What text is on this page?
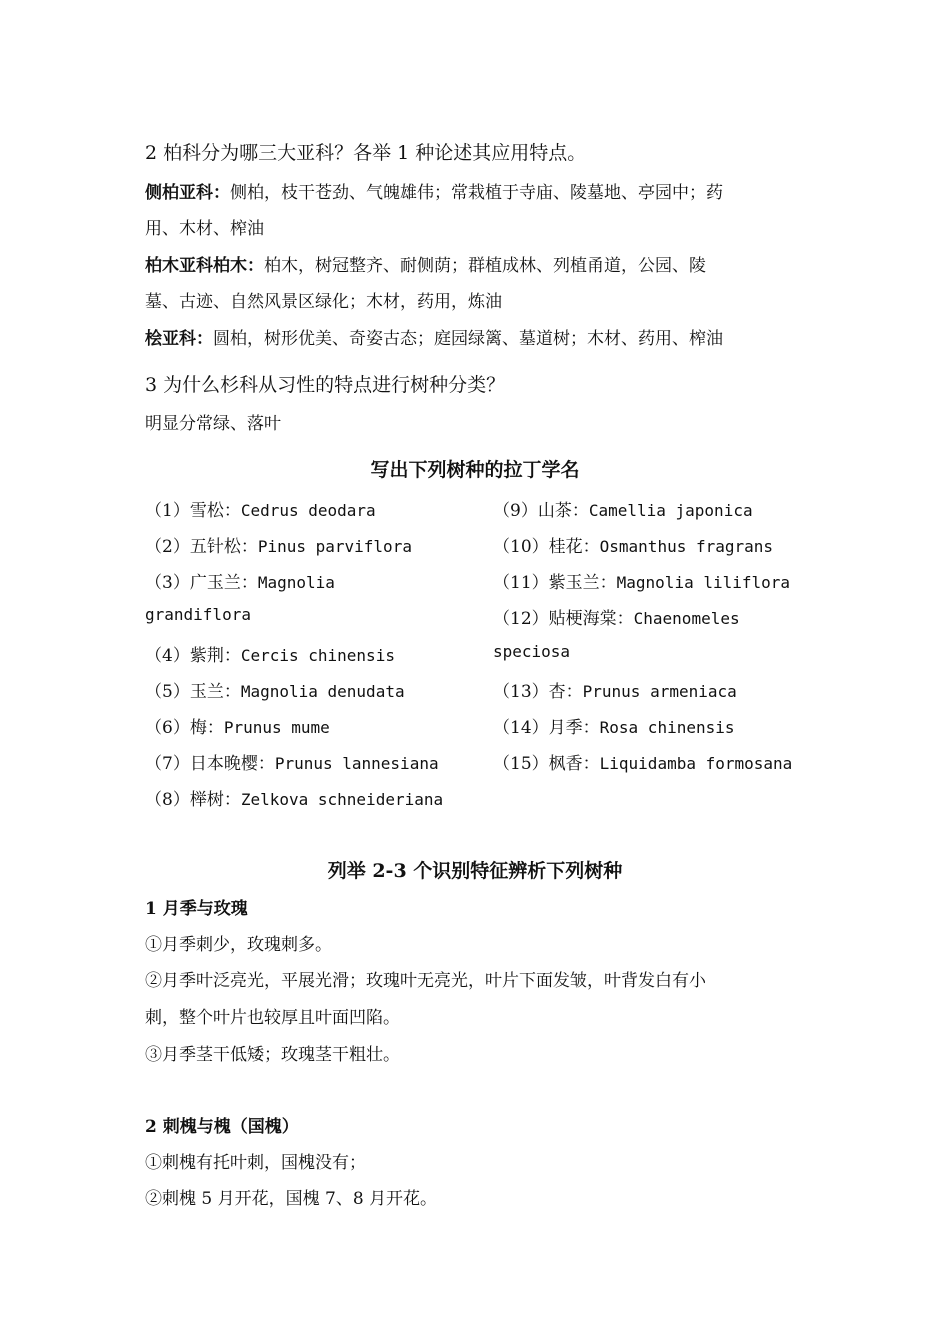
2 柏科分为哪三大亚科？各举 1 种论述其应用特点。
侧柏亚科：侧柏，枝干苍劲、气魄雄伟；常栽植于寺庙、陵墓地、亭园中；药
用、木材、榨油
柏木亚科柏木：柏木，树冠整齐、耐侧荫；群植成林、列植甬道，公园、陵
墓、古迹、自然风景区绿化；木材，药用，炼油
桧亚科：圆柏，树形优美、奇姿古态；庭园绿篱、墓道树；木材、药用、榨油
3 为什么杉科从习性的特点进行树种分类？
明显分常绿、落叶
写出下列树种的拉丁学名
（1）雪松：Cedrus deodara
（2）五针松：Pinus parviflora
（3）广玉兰：Magnolia
grandiflora
（4）紫荆：Cercis chinensis
（5）玉兰：Magnolia denudata
（6）梅：Prunus mume
（7）日本晚樱：Prunus lannesiana
（8）榉树：Zelkova schneideriana
（9）山茶：Camellia japonica
（10）桂花：Osmanthus fragrans
（11）紫玉兰：Magnolia liliflora
（12）贴梗海棠：Chaenomeles
speciosa
（13）杏：Prunus armeniaca
（14）月季：Rosa chinensis
（15）枫香：Liquidamba formosana
列举 2-3 个识别特征辨析下列树种
1 月季与玫瑰
①月季刺少，玫瑰刺多。
②月季叶泛亮光，平展光滑；玫瑰叶无亮光，叶片下面发皱，叶背发白有小
刺，整个叶片也较厚且叶面凹陷。
③月季茎干低矮；玫瑰茎干粗壮。
2 刺槐与槐（国槐）
①刺槐有托叶刺，国槐没有；
②刺槐 5 月开花，国槐 7、8 月开花。
